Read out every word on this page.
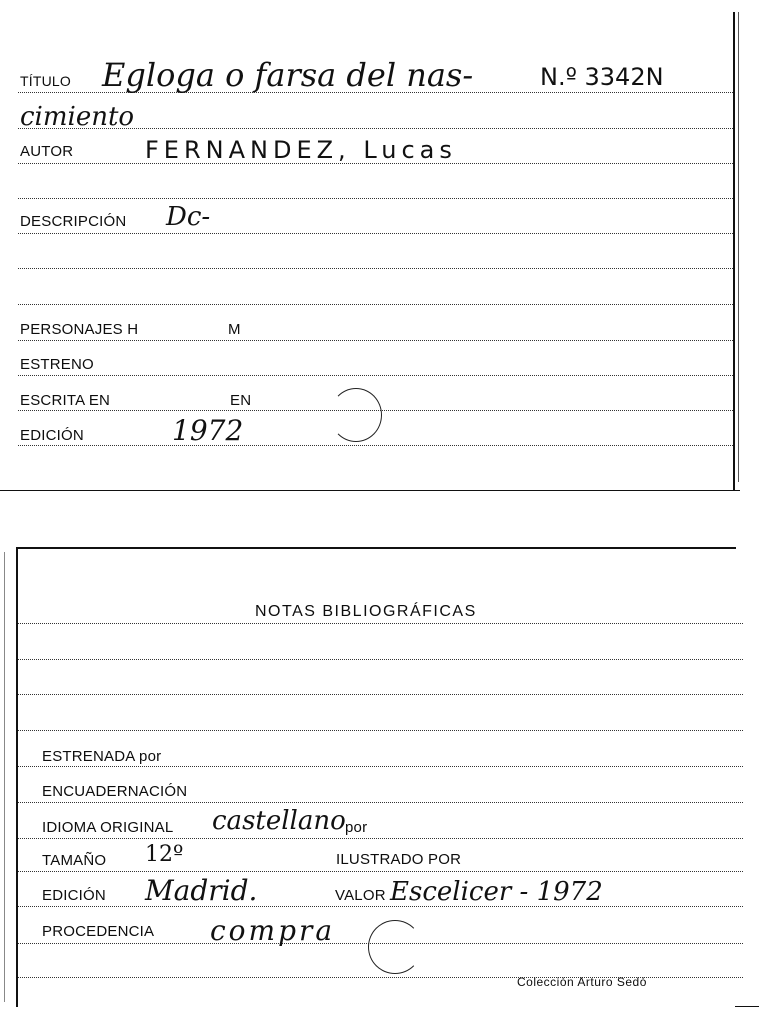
TÍTULO Egloga o farsa del nas-	N.º 3342N
cimiento
AUTOR	FERNANDEZ, Lucas
DESCRIPCIÓN Dc-
PERSONAJES H	M
ESTRENO
ESCRITA EN	EN
EDICIÓN	1972
NOTAS BIBLIOGRÁFICAS
ESTRENADA por
ENCUADERNACIÓN
IDIOMA ORIGINAL castellano por
TAMAÑO 12º	ILUSTRADO POR
EDICIÓN Madrid.	VALOR Escelicer - 1972
PROCEDENCIA compra
Colección Arturo Sedó
